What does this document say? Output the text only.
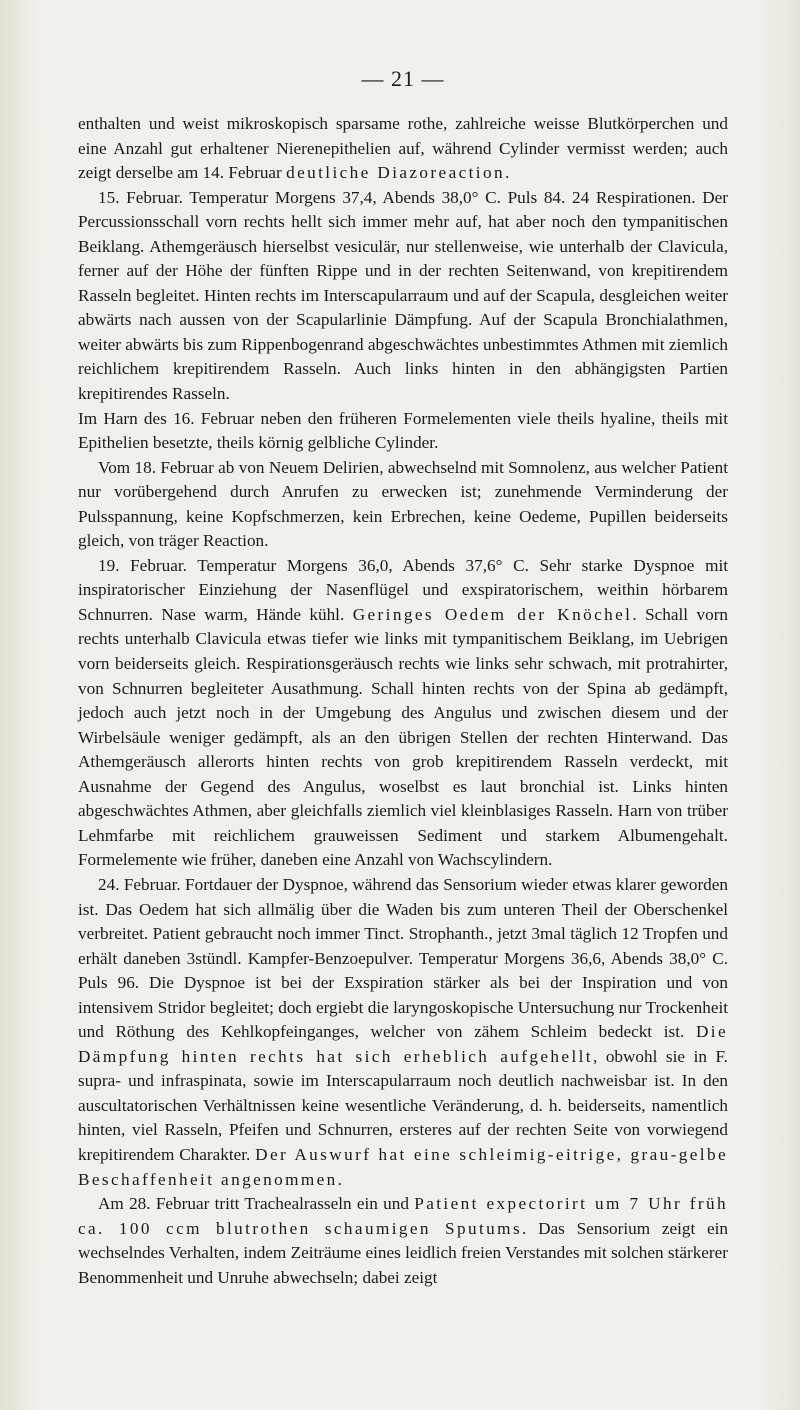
— 21 —

enthalten und weist mikroskopisch sparsame rothe, zahlreiche weisse Blutkörperchen und eine Anzahl gut erhaltener Nierenepithelien auf, während Cylinder vermisst werden; auch zeigt derselbe am 14. Februar deutliche Diazoreaction.

15. Februar. Temperatur Morgens 37,4, Abends 38,0° C. Puls 84. 24 Respirationen. Der Percussionsschall vorn rechts hellt sich immer mehr auf, hat aber noch den tympanitischen Beiklang. Athemgeräusch hierselbst vesiculär, nur stellenweise, wie unterhalb der Clavicula, ferner auf der Höhe der fünften Rippe und in der rechten Seitenwand, von krepitirendem Rasseln begleitet. Hinten rechts im Interscapularraum und auf der Scapula, desgleichen weiter abwärts nach aussen von der Scapularlinie Dämpfung. Auf der Scapula Bronchialathmen, weiter abwärts bis zum Rippenbogenrand abgeschwächtes unbestimmtes Athmen mit ziemlich reichlichem krepitirendem Rasseln. Auch links hinten in den abhängigsten Partien krepitirendes Rasseln.

Im Harn des 16. Februar neben den früheren Formelementen viele theils hyaline, theils mit Epithelien besetzte, theils körnig gelbliche Cylinder.

Vom 18. Februar ab von Neuem Delirien, abwechselnd mit Somnolenz, aus welcher Patient nur vorübergehend durch Anrufen zu erwecken ist; zunehmende Verminderung der Pulsspannung, keine Kopfschmerzen, kein Erbrechen, keine Oedeme, Pupillen beiderseits gleich, von träger Reaction.

19. Februar. Temperatur Morgens 36,0, Abends 37,6° C. Sehr starke Dyspnoe mit inspiratorischer Einziehung der Nasenflügel und exspiratorischem, weithin hörbarem Schnurren. Nase warm, Hände kühl. Geringes Oedem der Knöchel. Schall vorn rechts unterhalb Clavicula etwas tiefer wie links mit tympanitischem Beiklang, im Uebrigen vorn beiderseits gleich. Respirationsgeräusch rechts wie links sehr schwach, mit protrahirter, von Schnurren begleiteter Ausathmung. Schall hinten rechts von der Spina ab gedämpft, jedoch auch jetzt noch in der Umgebung des Angulus und zwischen diesem und der Wirbelsäule weniger gedämpft, als an den übrigen Stellen der rechten Hinterwand. Das Athemgeräusch allerorts hinten rechts von grob krepitirendem Rasseln verdeckt, mit Ausnahme der Gegend des Angulus, woselbst es laut bronchial ist. Links hinten abgeschwächtes Athmen, aber gleichfalls ziemlich viel kleinblasiges Rasseln. Harn von trüber Lehmfarbe mit reichlichem grauweissen Sediment und starkem Albumengehalt. Formelemente wie früher, daneben eine Anzahl von Wachscylindern.

24. Februar. Fortdauer der Dyspnoe, während das Sensorium wieder etwas klarer geworden ist. Das Oedem hat sich allmälig über die Waden bis zum unteren Theil der Oberschenkel verbreitet. Patient gebraucht noch immer Tinct. Strophanth., jetzt 3mal täglich 12 Tropfen und erhält daneben 3stündl. Kampfer-Benzoepulver. Temperatur Morgens 36,6, Abends 38,0° C. Puls 96. Die Dyspnoe ist bei der Exspiration stärker als bei der Inspiration und von intensivem Stridor begleitet; doch ergiebt die laryngoskopische Untersuchung nur Trockenheit und Röthung des Kehlkopfeinganges, welcher von zähem Schleim bedeckt ist. Die Dämpfung hinten rechts hat sich erheblich aufgehellt, obwohl sie in F. supra- und infraspinata, sowie im Interscapularraum noch deutlich nachweisbar ist. In den auscultatorischen Verhältnissen keine wesentliche Veränderung, d. h. beiderseits, namentlich hinten, viel Rasseln, Pfeifen und Schnurren, ersteres auf der rechten Seite von vorwiegend krepitirendem Charakter. Der Auswurf hat eine schleimig-eitrige, grau-gelbe Beschaffenheit angenommen.

Am 28. Februar tritt Trachealrasseln ein und Patient expectorirt um 7 Uhr früh ca. 100 ccm blutrothen schaumigen Sputums. Das Sensorium zeigt ein wechselndes Verhalten, indem Zeiträume eines leidlich freien Verstandes mit solchen stärkerer Benommenheit und Unruhe abwechseln; dabei zeigt
